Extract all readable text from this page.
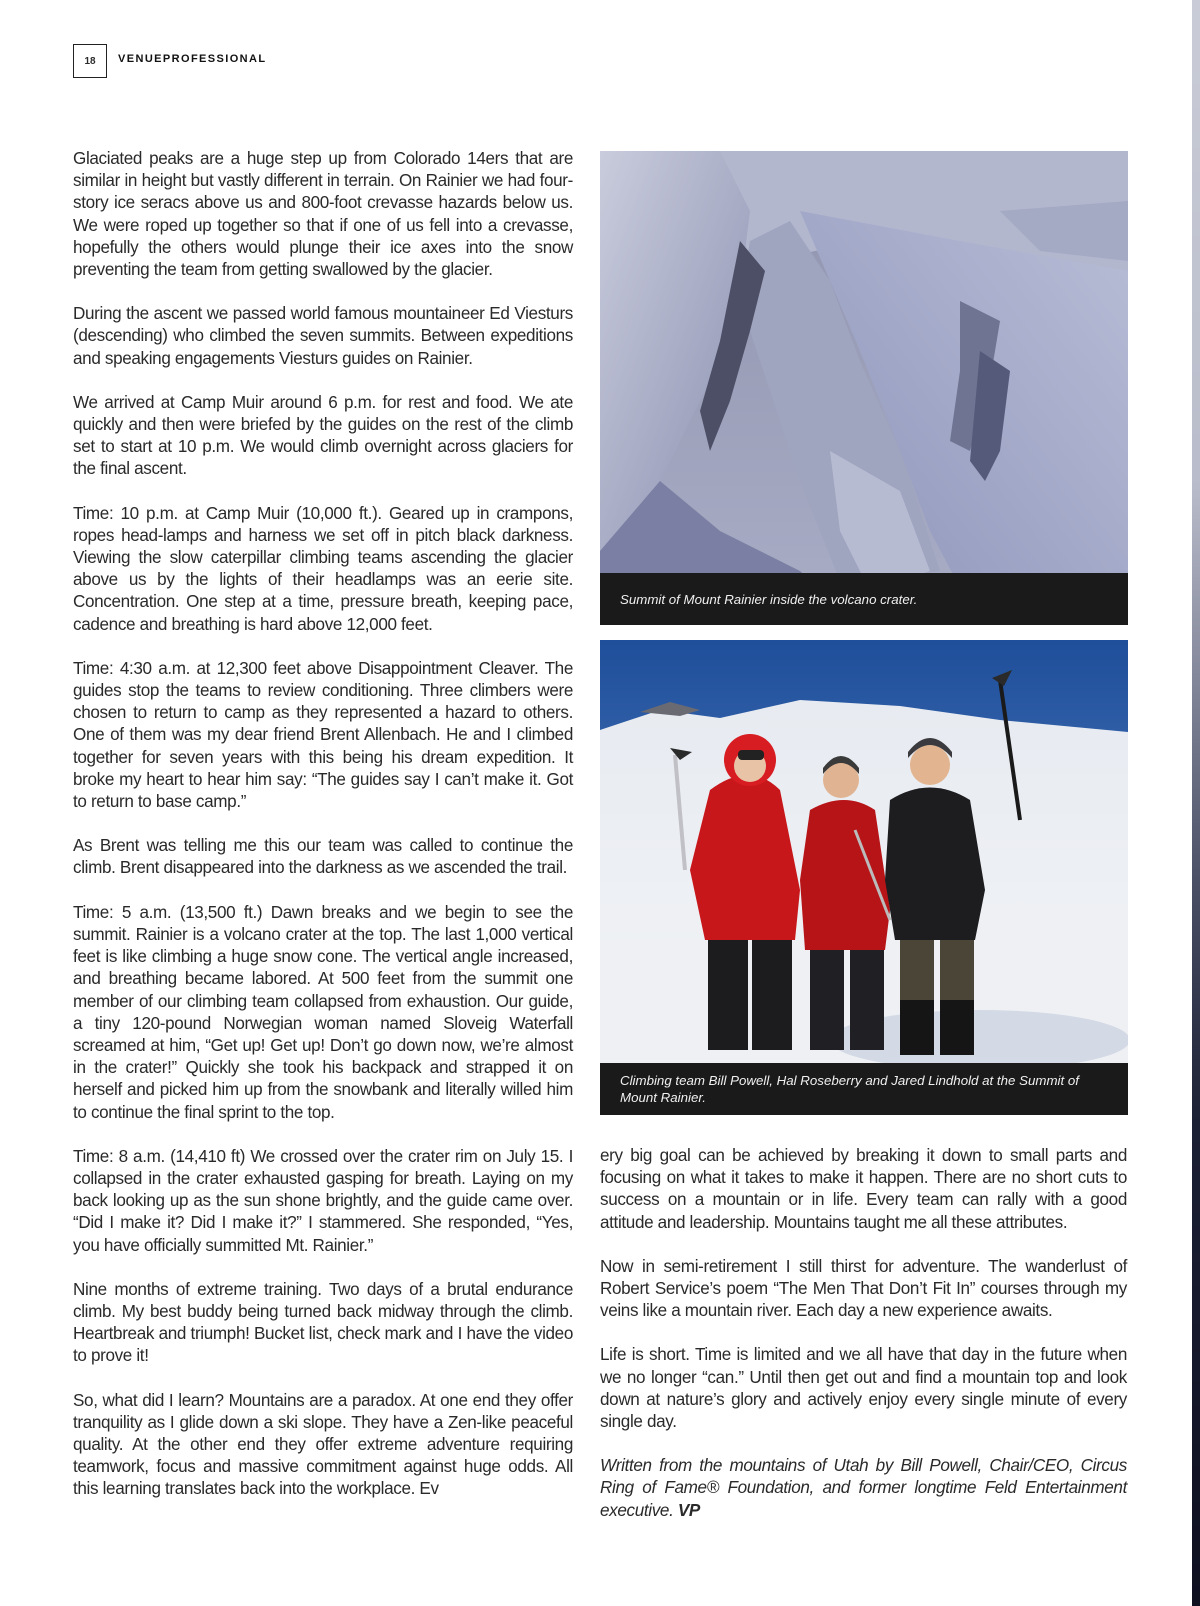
18	VENUEPROFESSIONAL

Glaciated peaks are a huge step up from Colorado 14ers that are similar in height but vastly different in terrain. On Rainier we had four-story ice seracs above us and 800-foot crevasse hazards below us. We were roped up together so that if one of us fell into a crevasse, hopefully the others would plunge their ice axes into the snow preventing the team from getting swallowed by the glacier.

During the ascent we passed world famous mountaineer Ed Viesturs (descending) who climbed the seven summits. Between expeditions and speaking engagements Viesturs guides on Rainier.

We arrived at Camp Muir around 6 p.m. for rest and food. We ate quickly and then were briefed by the guides on the rest of the climb set to start at 10 p.m. We would climb overnight across glaciers for the final ascent.

Time: 10 p.m. at Camp Muir (10,000 ft.). Geared up in crampons, ropes head-lamps and harness we set off in pitch black darkness. Viewing the slow caterpillar climbing teams ascending the glacier above us by the lights of their headlamps was an eerie site. Concentration. One step at a time, pressure breath, keeping pace, cadence and breathing is hard above 12,000 feet.

Time: 4:30 a.m. at 12,300 feet above Disappointment Cleaver. The guides stop the teams to review conditioning. Three climbers were chosen to return to camp as they represented a hazard to others. One of them was my dear friend Brent Allenbach. He and I climbed together for seven years with this being his dream expedition. It broke my heart to hear him say: “The guides say I can’t make it. Got to return to base camp.”

As Brent was telling me this our team was called to continue the climb. Brent disappeared into the darkness as we ascended the trail.

Time: 5 a.m. (13,500 ft.) Dawn breaks and we begin to see the summit. Rainier is a volcano crater at the top. The last 1,000 vertical feet is like climbing a huge snow cone. The vertical angle increased, and breathing became labored. At 500 feet from the summit one member of our climbing team collapsed from exhaustion. Our guide, a tiny 120-pound Norwegian woman named Sloveig Waterfall screamed at him, “Get up! Get up! Don’t go down now, we’re almost in the crater!” Quickly she took his backpack and strapped it on herself and picked him up from the snowbank and literally willed him to continue the final sprint to the top.

Time: 8 a.m. (14,410 ft) We crossed over the crater rim on July 15. I collapsed in the crater exhausted gasping for breath. Laying on my back looking up as the sun shone brightly, and the guide came over. “Did I make it? Did I make it?” I stammered. She responded, “Yes, you have officially summitted Mt. Rainier.”

Nine months of extreme training. Two days of a brutal endurance climb. My best buddy being turned back midway through the climb. Heartbreak and triumph! Bucket list, check mark and I have the video to prove it!

So, what did I learn? Mountains are a paradox. At one end they offer tranquility as I glide down a ski slope. They have a Zen-like peaceful quality. At the other end they offer extreme adventure requiring teamwork, focus and massive commitment against huge odds. All this learning translates back into the workplace. Ev

Summit of Mount Rainier inside the volcano crater.
Climbing team Bill Powell, Hal Roseberry and Jared Lindhold at the Summit of Mount Rainier.

ery big goal can be achieved by breaking it down to small parts and focusing on what it takes to make it happen. There are no short cuts to success on a mountain or in life. Every team can rally with a good attitude and leadership. Mountains taught me all these attributes.

Now in semi-retirement I still thirst for adventure. The wanderlust of Robert Service’s poem “The Men That Don’t Fit In” courses through my veins like a mountain river. Each day a new experience awaits.

Life is short. Time is limited and we all have that day in the future when we no longer “can.” Until then get out and find a mountain top and look down at nature’s glory and actively enjoy every single minute of every single day.

Written from the mountains of Utah by Bill Powell, Chair/CEO, Circus Ring of Fame® Foundation, and former longtime Feld Entertainment executive. VP
